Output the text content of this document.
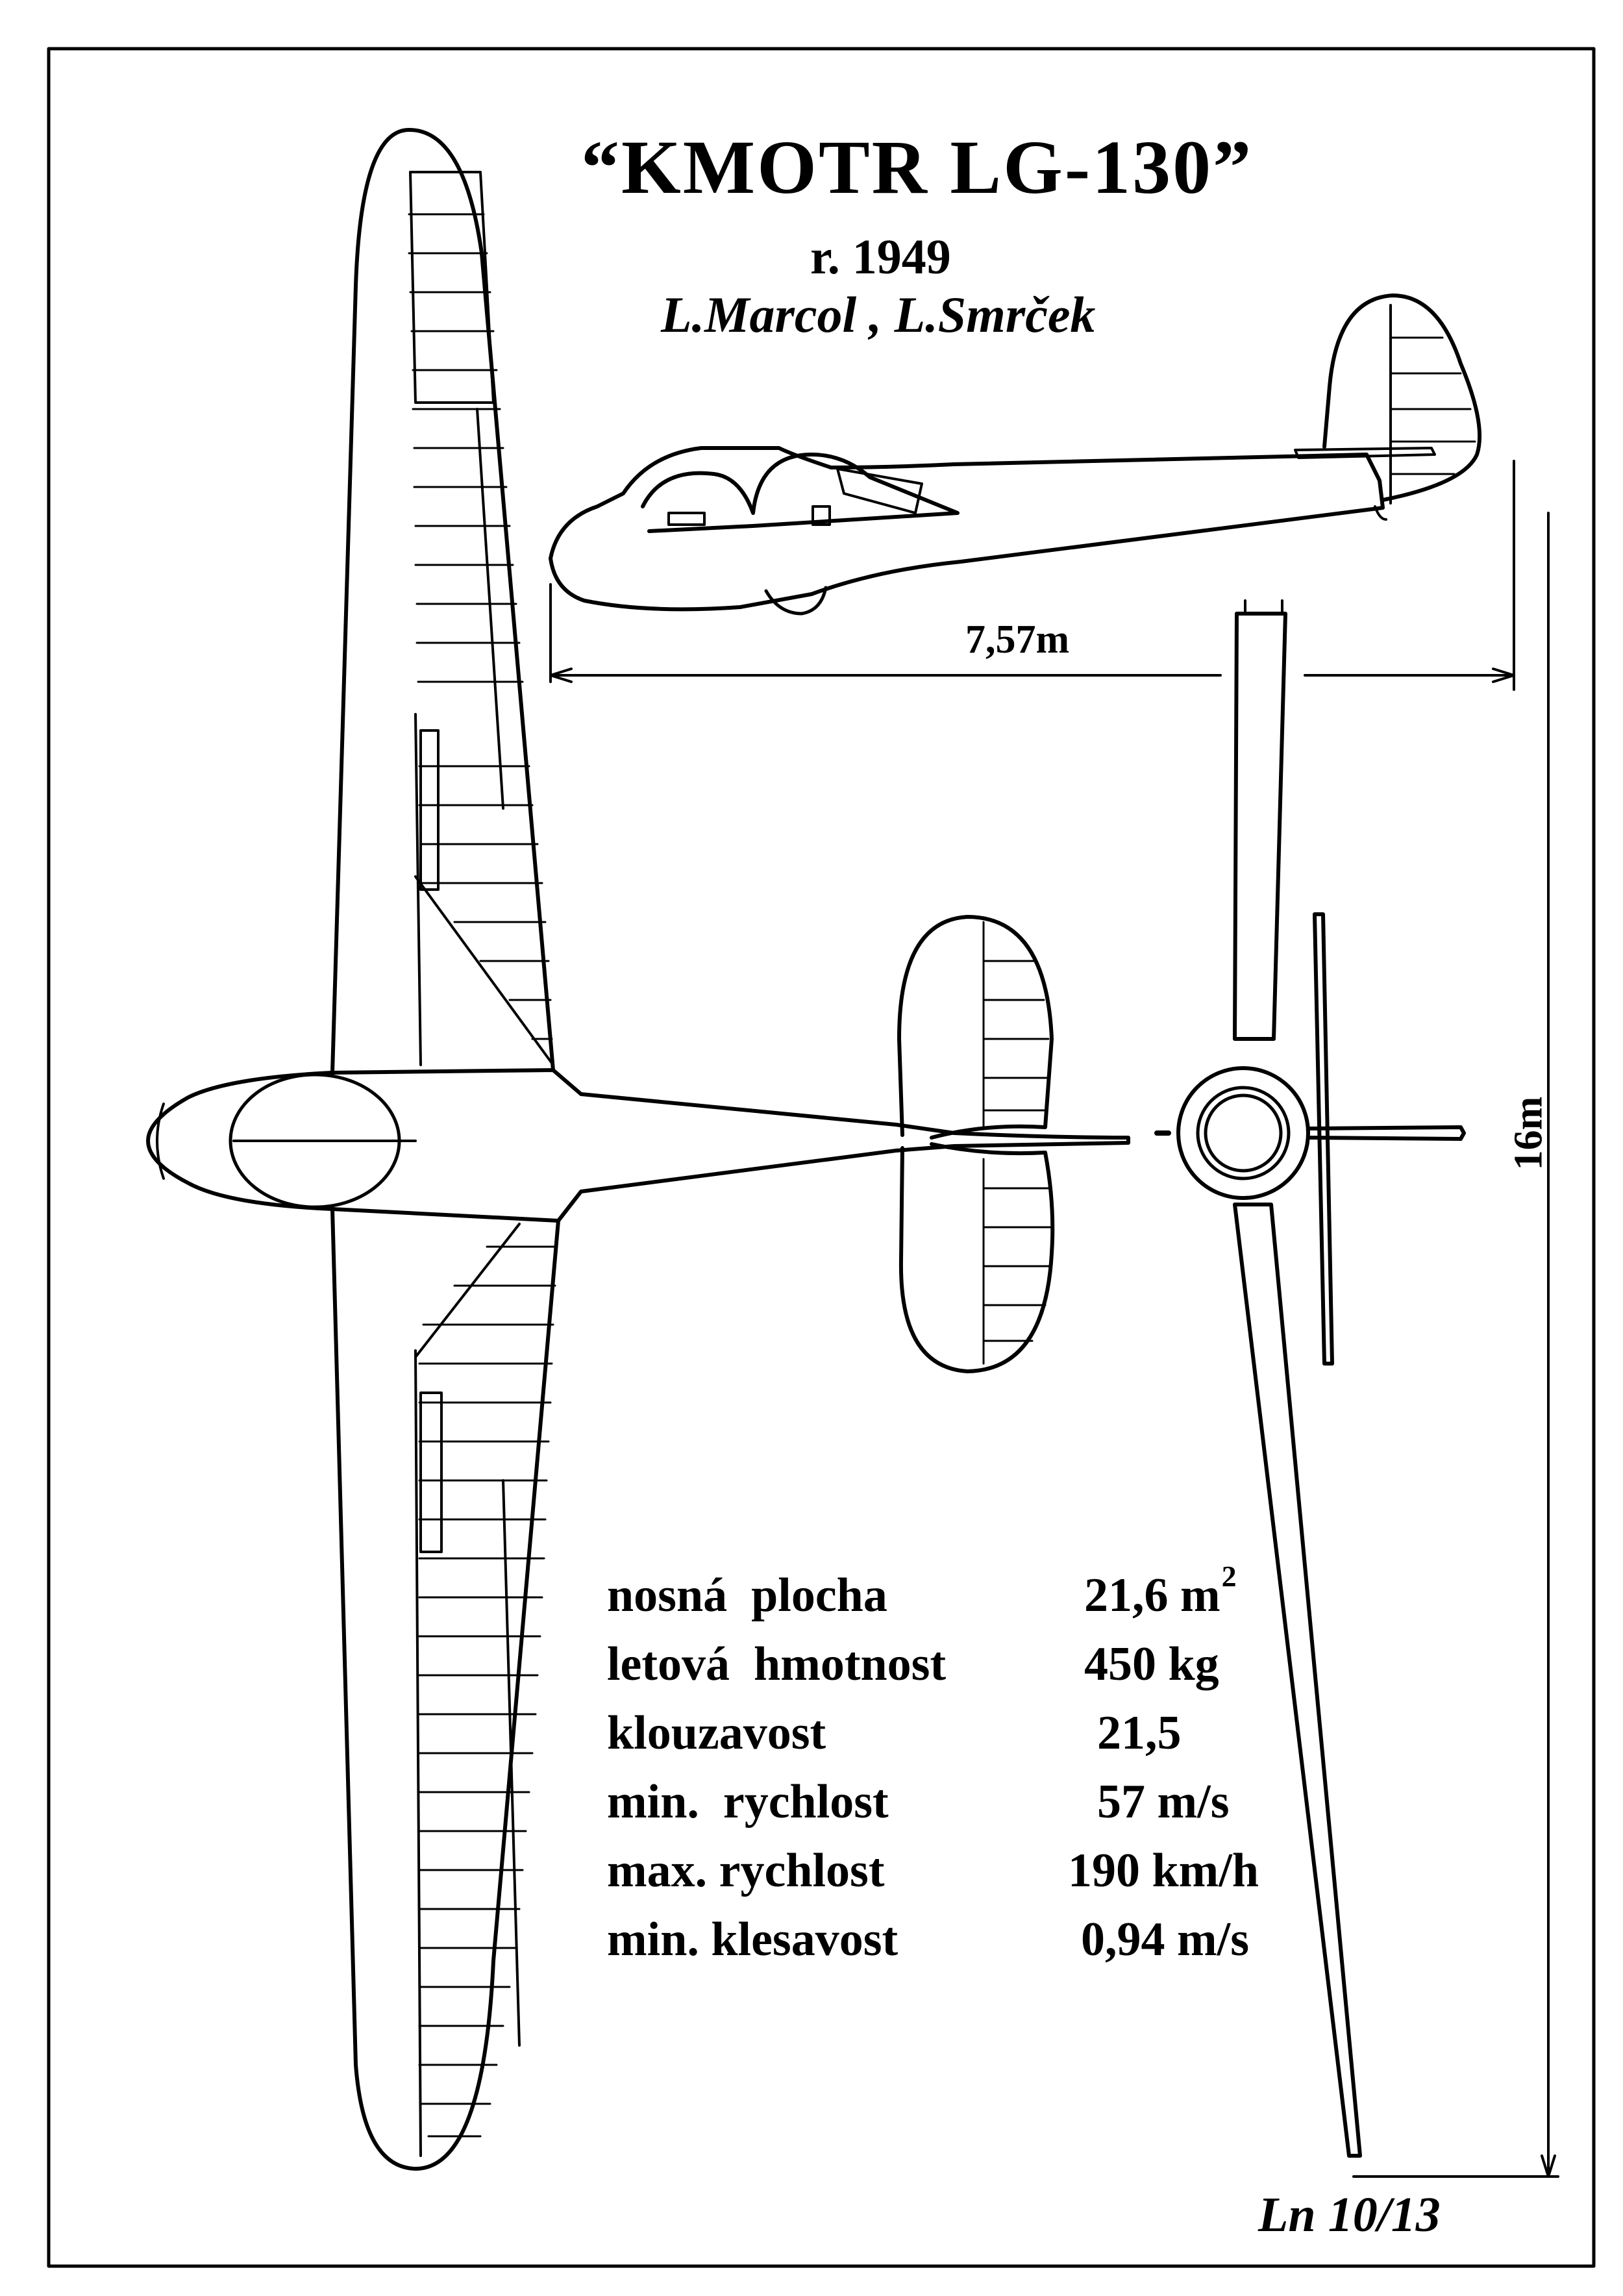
“KMOTR LG-130”
r. 1949
L.Marcol , L.Smrček
7,57m
16m
nosná  plocha	21,6 $m^2$
letová  hmotnost	450 kg
klouzavost	21,5
min.  rychlost	57 m/s
max. rychlost	190 km/h
min. klesavost	0,94 m/s
Ln 10/13
